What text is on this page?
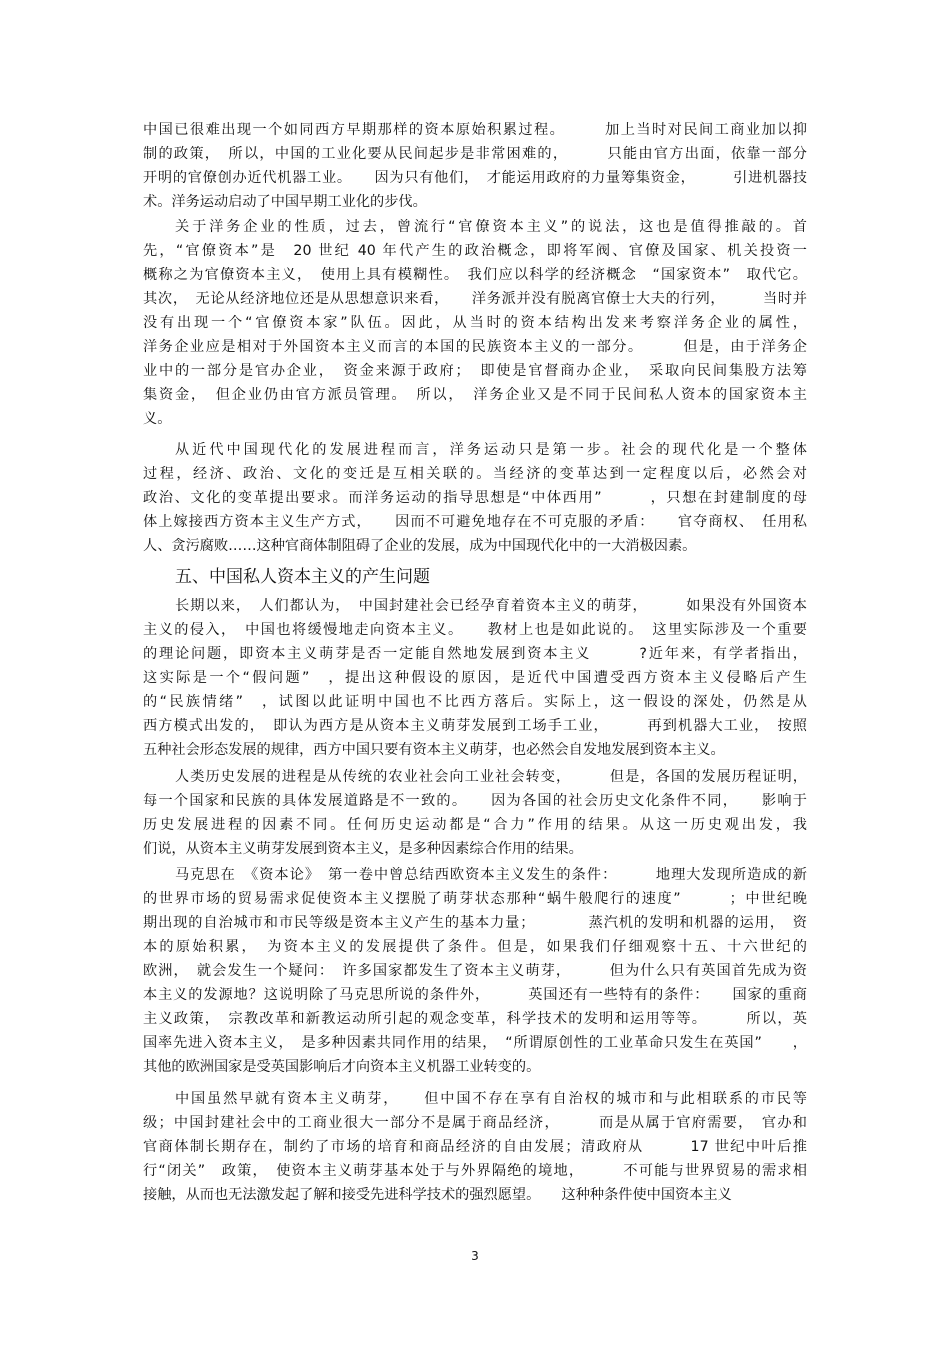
中国已很难出现一个如同西方早期那样的资本原始积累过程。　　　加上当时对民间工商业加以抑
制的政策，　所以，中国的工业化要从民间起步是非常困难的，　　　只能由官方出面，依靠一部分
开明的官僚创办近代机器工业。　　因为只有他们，　才能运用政府的力量筹集资金，　　　引进机器技
术。洋务运动启动了中国早期工业化的步伐。
关于洋务企业的性质，过去，曾流行“官僚资本主义”的说法，这也是值得推敲的。首
先，“官僚资本”是　20 世纪 40 年代产生的政治概念，即将军阀、官僚及国家、机关投资一
概称之为官僚资本主义，　使用上具有模糊性。　我们应以科学的经济概念　“国家资本”　取代它。
其次，　无论从经济地位还是从思想意识来看，　　洋务派并没有脱离官僚士大夫的行列，　　　当时并
没有出现一个“官僚资本家”队伍。因此，从当时的资本结构出发来考察洋务企业的属性，
洋务企业应是相对于外国资本主义而言的本国的民族资本主义的一部分。　　　但是，由于洋务企
业中的一部分是官办企业，　资金来源于政府；　即使是官督商办企业，　采取向民间集股方法筹
集资金，　但企业仍由官方派员管理。　所以，　洋务企业又是不同于民间私人资本的国家资本主
义。
从近代中国现代化的发展进程而言，洋务运动只是第一步。社会的现代化是一个整体
过程，经济、政治、文化的变迁是互相关联的。当经济的变革达到一定程度以后，必然会对
政治、文化的变革提出要求。而洋务运动的指导思想是“中体西用”　　　，只想在封建制度的母
体上嫁接西方资本主义生产方式，　　因而不可避免地存在不可克服的矛盾：　　官夺商权、　任用私
人、贪污腐败……这种官商体制阻碍了企业的发展，成为中国现代化中的一大消极因素。
长期以来，　人们都认为，　中国封建社会已经孕育着资本主义的萌芽，　　　如果没有外国资本
主义的侵入，　中国也将缓慢地走向资本主义。　　教材上也是如此说的。　这里实际涉及一个重要
的理论问题，即资本主义萌芽是否一定能自然地发展到资本主义　　　?近年来，有学者指出，
这实际是一个“假问题”　，提出这种假设的原因，是近代中国遭受西方资本主义侵略后产生
的“民族情绪”　，试图以此证明中国也不比西方落后。实际上，这一假设的深处，仍然是从
西方模式出发的，　即认为西方是从资本主义萌芽发展到工场手工业，　　　再到机器大工业，　按照
五种社会形态发展的规律，西方中国只要有资本主义萌芽，也必然会自发地发展到资本主义。
人类历史发展的进程是从传统的农业社会向工业社会转变，　　　但是，各国的发展历程证明，
每一个国家和民族的具体发展道路是不一致的。　　因为各国的社会历史文化条件不同，　　影响于
历史发展进程的因素不同。任何历史运动都是“合力”作用的结果。从这一历史观出发，我
们说，从资本主义萌芽发展到资本主义，是多种因素综合作用的结果。
马克思在　《资本论》　第一卷中曾总结西欧资本主义发生的条件：　　　地理大发现所造成的新
的世界市场的贸易需求促使资本主义摆脱了萌芽状态那种“蜗牛般爬行的速度”　　　；中世纪晚
期出现的自治城市和市民等级是资本主义产生的基本力量；　　　　蒸汽机的发明和机器的运用，　资
本的原始积累，　为资本主义的发展提供了条件。但是，如果我们仔细观察十五、十六世纪的
欧洲，　就会发生一个疑问：　许多国家都发生了资本主义萌芽，　　　但为什么只有英国首先成为资
本主义的发源地？这说明除了马克思所说的条件外，　　　英国还有一些特有的条件：　　国家的重商
主义政策，　宗教改革和新教运动所引起的观念变革，科学技术的发明和运用等等。　　　所以，英
国率先进入资本主义，　是多种因素共同作用的结果，　“所谓原创性的工业革命只发生在英国”　　，
其他的欧洲国家是受英国影响后才向资本主义机器工业转变的。
中国虽然早就有资本主义萌芽，　　但中国不存在享有自治权的城市和与此相联系的市民等
级；中国封建社会中的工商业很大一部分不是属于商品经济，　　　而是从属于官府需要，　官办和
官商体制长期存在，制约了市场的培育和商品经济的自由发展；清政府从　　　17 世纪中叶后推
行“闭关”　政策，　使资本主义萌芽基本处于与外界隔绝的境地，　　　不可能与世界贸易的需求相
接触，从而也无法激发起了解和接受先进科学技术的强烈愿望。　　这种种条件使中国资本主义
五、中国私人资本主义的产生问题
3
